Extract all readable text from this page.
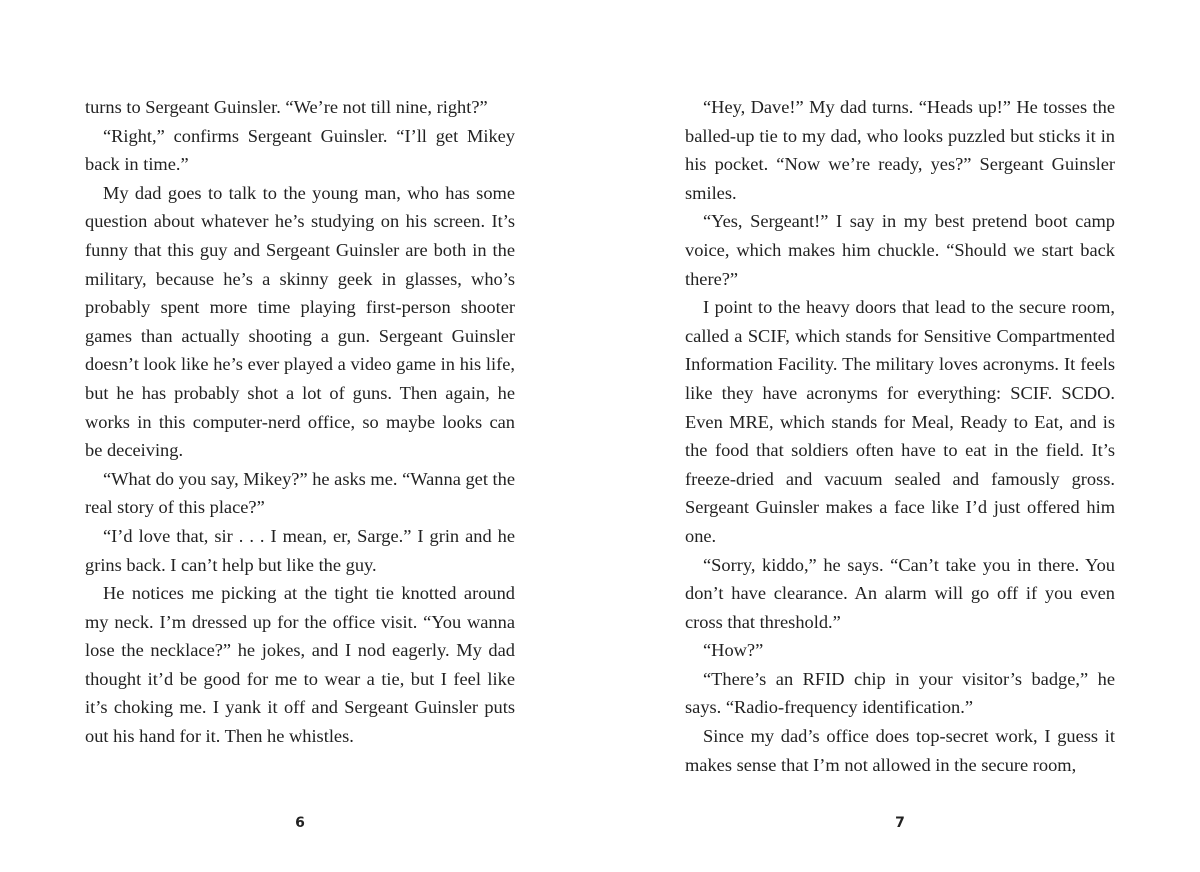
turns to Sergeant Guinsler. “We’re not till nine, right?”

“Right,” confirms Sergeant Guinsler. “I’ll get Mikey back in time.”

My dad goes to talk to the young man, who has some question about whatever he’s studying on his screen. It’s funny that this guy and Sergeant Guinsler are both in the military, because he’s a skinny geek in glasses, who’s probably spent more time playing first-person shooter games than actually shooting a gun. Sergeant Guinsler doesn’t look like he’s ever played a video game in his life, but he has probably shot a lot of guns. Then again, he works in this computer-nerd office, so maybe looks can be deceiving.

“What do you say, Mikey?” he asks me. “Wanna get the real story of this place?”

“I’d love that, sir . . . I mean, er, Sarge.” I grin and he grins back. I can’t help but like the guy.

He notices me picking at the tight tie knotted around my neck. I’m dressed up for the office visit. “You wanna lose the necklace?” he jokes, and I nod eagerly. My dad thought it’d be good for me to wear a tie, but I feel like it’s choking me. I yank it off and Sergeant Guinsler puts out his hand for it. Then he whistles.

6

“Hey, Dave!” My dad turns. “Heads up!” He tosses the balled-up tie to my dad, who looks puzzled but sticks it in his pocket. “Now we’re ready, yes?” Sergeant Guinsler smiles.

“Yes, Sergeant!” I say in my best pretend boot camp voice, which makes him chuckle. “Should we start back there?”

I point to the heavy doors that lead to the secure room, called a SCIF, which stands for Sensitive Compartmented Information Facility. The military loves acronyms. It feels like they have acronyms for everything: SCIF. SCDO. Even MRE, which stands for Meal, Ready to Eat, and is the food that soldiers often have to eat in the field. It’s freeze-dried and vacuum sealed and famously gross. Sergeant Guinsler makes a face like I’d just offered him one.

“Sorry, kiddo,” he says. “Can’t take you in there. You don’t have clearance. An alarm will go off if you even cross that threshold.”

“How?”

“There’s an RFID chip in your visitor’s badge,” he says. “Radio-frequency identification.”

Since my dad’s office does top-secret work, I guess it makes sense that I’m not allowed in the secure room,

7
